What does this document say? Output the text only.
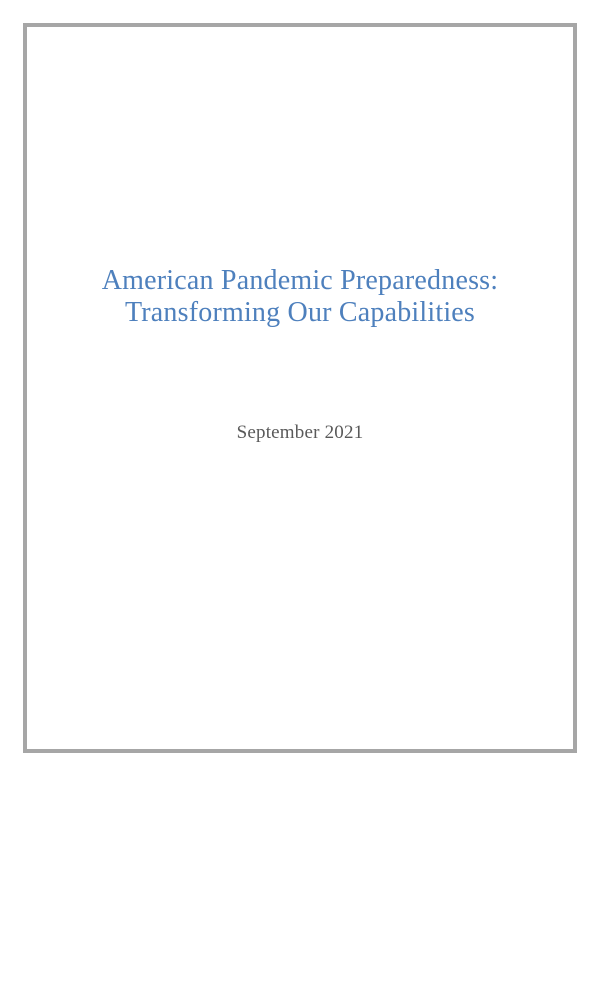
American Pandemic Preparedness:
Transforming Our Capabilities
September 2021
